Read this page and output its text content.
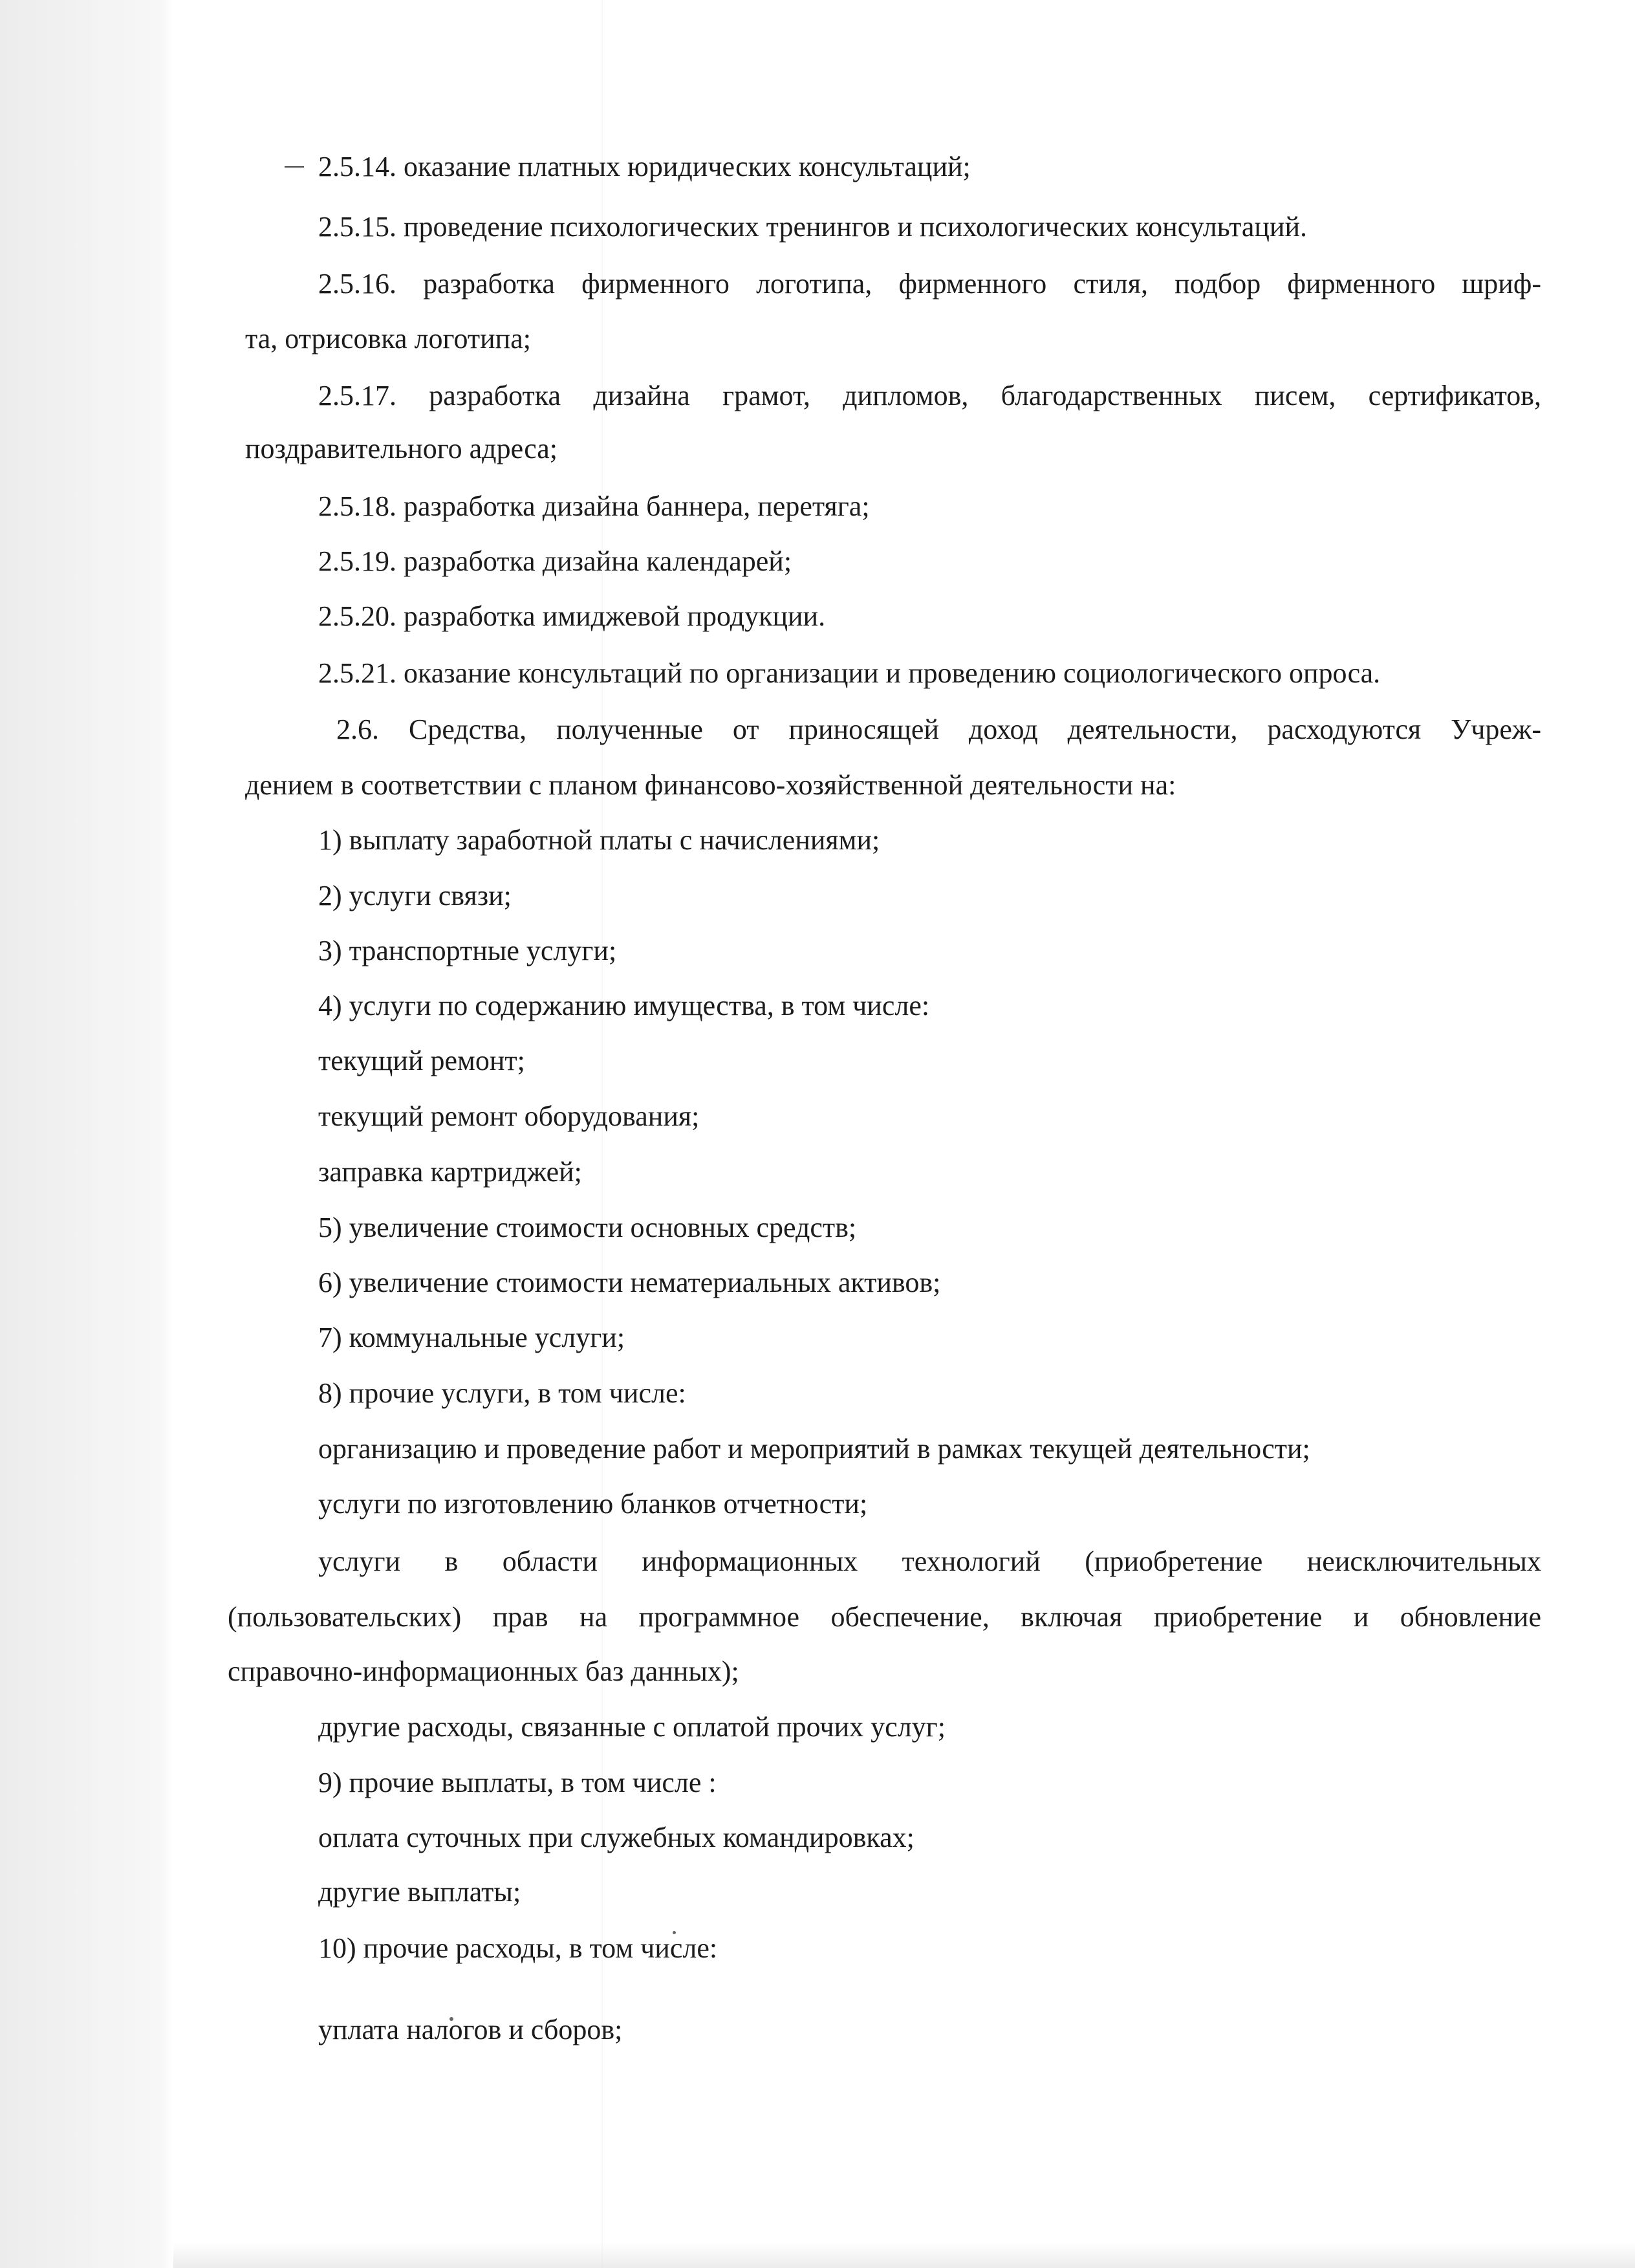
2.5.14. оказание платных юридических консультаций;

2.5.15. проведение психологических тренингов и психологических консультаций.

2.5.16. разработка фирменного логотипа, фирменного стиля, подбор фирменного шриф-

та, отрисовка логотипа;

2.5.17. разработка дизайна грамот, дипломов, благодарственных писем, сертификатов,

поздравительного адреса;

2.5.18. разработка дизайна баннера, перетяга;

2.5.19. разработка дизайна календарей;

2.5.20. разработка имиджевой продукции.

2.5.21. оказание консультаций по организации и проведению социологического опроса.

2.6. Средства, полученные от приносящей доход деятельности, расходуются Учреж-

дением в соответствии с планом финансово-хозяйственной деятельности на:

1) выплату заработной платы с начислениями;

2) услуги связи;

3) транспортные услуги;

4) услуги по содержанию имущества, в том числе:

текущий ремонт;

текущий ремонт оборудования;

заправка картриджей;

5) увеличение стоимости основных средств;

6) увеличение стоимости нематериальных активов;

7) коммунальные услуги;

8) прочие услуги, в том числе:

организацию и проведение работ и мероприятий в рамках текущей деятельности;

услуги по изготовлению бланков отчетности;

услуги в области информационных технологий (приобретение неисключительных

(пользовательских) прав на программное обеспечение, включая приобретение и обновление

справочно-информационных баз данных);

другие расходы, связанные с оплатой прочих услуг;

9) прочие выплаты, в том числе :

оплата суточных при служебных командировках;

другие выплаты;

10) прочие расходы, в том числе:

уплата налогов и сборов;
